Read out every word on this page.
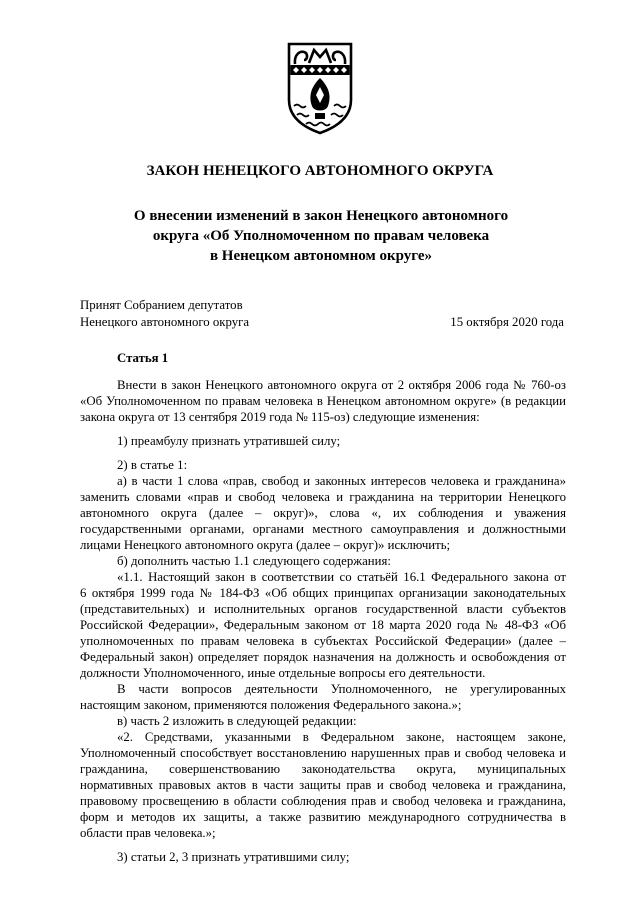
ЗАКОН НЕНЕЦКОГО АВТОНОМНОГО ОКРУГА
О внесении изменений в закон Ненецкого автономного
округа «Об Уполномоченном по правам человека
в Ненецком автономном округе»
Принят Собранием депутатов
Ненецкого автономного округа	15 октября 2020 года
Статья 1
Внести в закон Ненецкого автономного округа от 2 октября 2006 года № 760-оз
«Об Уполномоченном по правам человека в Ненецком автономном округе» (в редакции
закона округа от 13 сентября 2019 года № 115-оз) следующие изменения:
1) преамбулу признать утратившей силу;
2) в статье 1:
а) в части 1 слова «прав, свобод и законных интересов человека и гражданина»
заменить словами «прав и свобод человека и гражданина на территории Ненецкого
автономного округа (далее – округ)», слова «, их соблюдения и уважения
государственными органами, органами местного самоуправления и должностными
лицами Ненецкого автономного округа (далее – округ)» исключить;
б) дополнить частью 1.1 следующего содержания:
«1.1. Настоящий закон в соответствии со статьёй 16.1 Федерального закона от
6 октября 1999 года № 184-ФЗ «Об общих принципах организации законодательных
(представительных) и исполнительных органов государственной власти субъектов
Российской Федерации», Федеральным законом от 18 марта 2020 года № 48-ФЗ «Об
уполномоченных по правам человека в субъектах Российской Федерации» (далее –
Федеральный закон) определяет порядок назначения на должность и освобождения от
должности Уполномоченного, иные отдельные вопросы его деятельности.
В части вопросов деятельности Уполномоченного, не урегулированных
настоящим законом, применяются положения Федерального закона.»;
в) часть 2 изложить в следующей редакции:
«2. Средствами, указанными в Федеральном законе, настоящем законе,
Уполномоченный способствует восстановлению нарушенных прав и свобод человека и
гражданина, совершенствованию законодательства округа, муниципальных
нормативных правовых актов в части защиты прав и свобод человека и гражданина,
правовому просвещению в области соблюдения прав и свобод человека и гражданина,
форм и методов их защиты, а также развитию международного сотрудничества в
области прав человека.»;
3) статьи 2, 3 признать утратившими силу;
